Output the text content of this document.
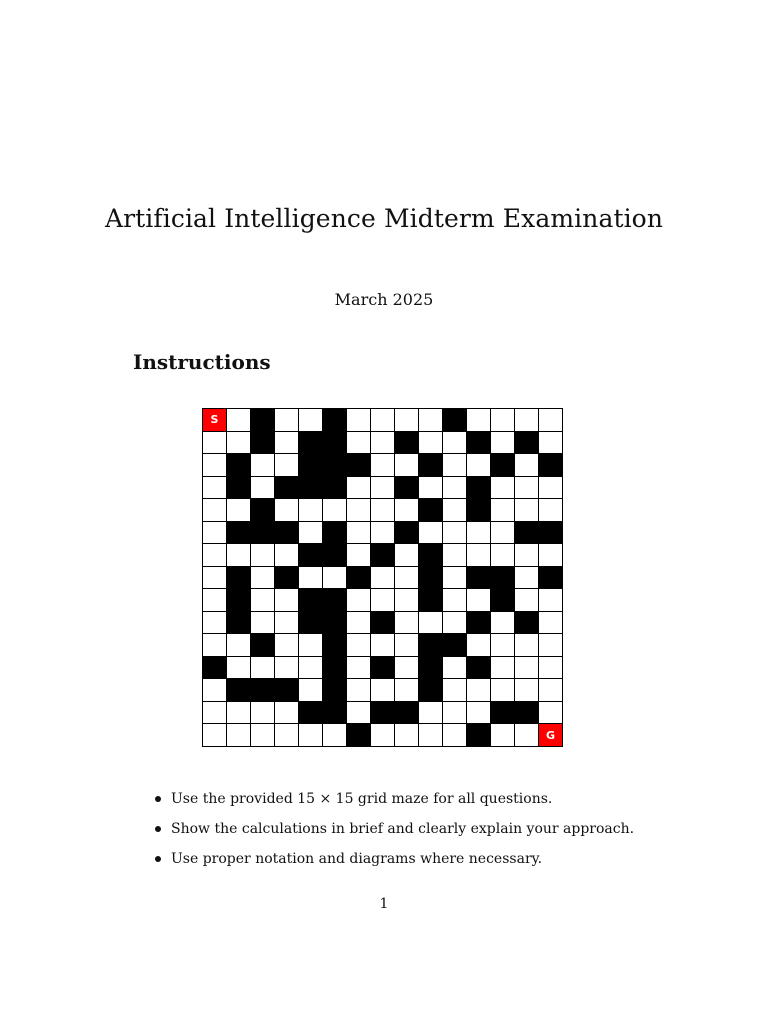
Artificial Intelligence Midterm Examination

March 2025

Instructions
S
G
Use the provided 15 × 15 grid maze for all questions.
Show the calculations in brief and clearly explain your approach.
Use proper notation and diagrams where necessary.

1
